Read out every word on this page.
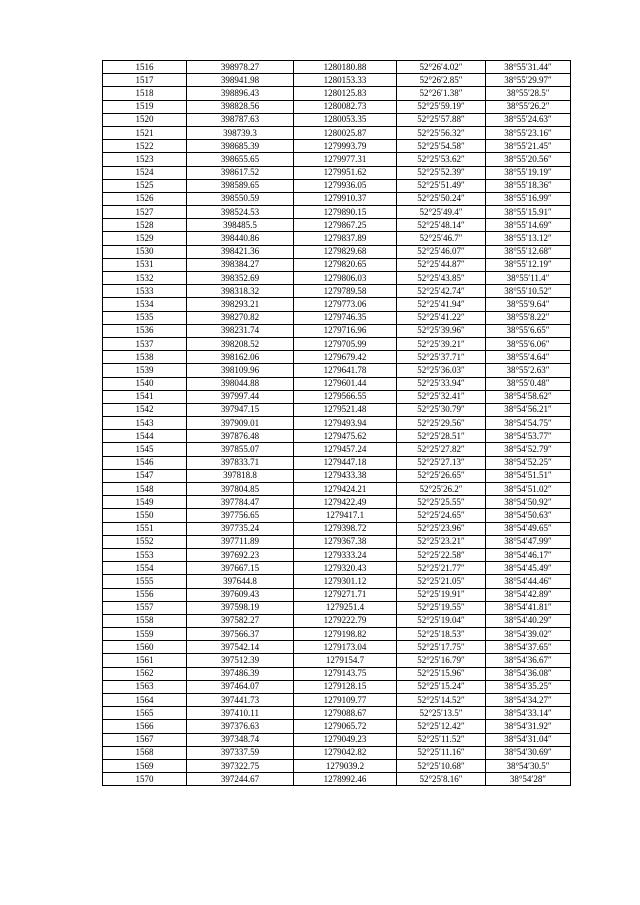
1516	398978.27	1280180.88	52°26′4.02″	38°55′31.44″
1517	398941.98	1280153.33	52°26′2.85″	38°55′29.97″
1518	398896.43	1280125.83	52°26′1.38″	38°55′28.5″
1519	398828.56	1280082.73	52°25′59.19″	38°55′26.2″
1520	398787.63	1280053.35	52°25′57.88″	38°55′24.63″
1521	398739.3	1280025.87	52°25′56.32″	38°55′23.16″
1522	398685.39	1279993.79	52°25′54.58″	38°55′21.45″
1523	398655.65	1279977.31	52°25′53.62″	38°55′20.56″
1524	398617.52	1279951.62	52°25′52.39″	38°55′19.19″
1525	398589.65	1279936.05	52°25′51.49″	38°55′18.36″
1526	398550.59	1279910.37	52°25′50.24″	38°55′16.99″
1527	398524.53	1279890.15	52°25′49.4″	38°55′15.91″
1528	398485.5	1279867.25	52°25′48.14″	38°55′14.69″
1529	398440.86	1279837.89	52°25′46.7″	38°55′13.12″
1530	398421.36	1279829.68	52°25′46.07″	38°55′12.68″
1531	398384.27	1279820.65	52°25′44.87″	38°55′12.19″
1532	398352.69	1279806.03	52°25′43.85″	38°55′11.4″
1533	398318.32	1279789.58	52°25′42.74″	38°55′10.52″
1534	398293.21	1279773.06	52°25′41.94″	38°55′9.64″
1535	398270.82	1279746.35	52°25′41.22″	38°55′8.22″
1536	398231.74	1279716.96	52°25′39.96″	38°55′6.65″
1537	398208.52	1279705.99	52°25′39.21″	38°55′6.06″
1538	398162.06	1279679.42	52°25′37.71″	38°55′4.64″
1539	398109.96	1279641.78	52°25′36.03″	38°55′2.63″
1540	398044.88	1279601.44	52°25′33.94″	38°55′0.48″
1541	397997.44	1279566.55	52°25′32.41″	38°54′58.62″
1542	397947.15	1279521.48	52°25′30.79″	38°54′56.21″
1543	397909.01	1279493.94	52°25′29.56″	38°54′54.75″
1544	397876.48	1279475.62	52°25′28.51″	38°54′53.77″
1545	397855.07	1279457.24	52°25′27.82″	38°54′52.79″
1546	397833.71	1279447.18	52°25′27.13″	38°54′52.25″
1547	397818.8	1279433.38	52°25′26.65″	38°54′51.51″
1548	397804.85	1279424.21	52°25′26.2″	38°54′51.02″
1549	397784.47	1279422.49	52°25′25.55″	38°54′50.92″
1550	397756.65	1279417.1	52°25′24.65″	38°54′50.63″
1551	397735.24	1279398.72	52°25′23.96″	38°54′49.65″
1552	397711.89	1279367.38	52°25′23.21″	38°54′47.99″
1553	397692.23	1279333.24	52°25′22.58″	38°54′46.17″
1554	397667.15	1279320.43	52°25′21.77″	38°54′45.49″
1555	397644.8	1279301.12	52°25′21.05″	38°54′44.46″
1556	397609.43	1279271.71	52°25′19.91″	38°54′42.89″
1557	397598.19	1279251.4	52°25′19.55″	38°54′41.81″
1558	397582.27	1279222.79	52°25′19.04″	38°54′40.29″
1559	397566.37	1279198.82	52°25′18.53″	38°54′39.02″
1560	397542.14	1279173.04	52°25′17.75″	38°54′37.65″
1561	397512.39	1279154.7	52°25′16.79″	38°54′36.67″
1562	397486.39	1279143.75	52°25′15.96″	38°54′36.08″
1563	397464.07	1279128.15	52°25′15.24″	38°54′35.25″
1564	397441.73	1279109.77	52°25′14.52″	38°54′34.27″
1565	397410.11	1279088.67	52°25′13.5″	38°54′33.14″
1566	397376.63	1279065.72	52°25′12.42″	38°54′31.92″
1567	397348.74	1279049.23	52°25′11.52″	38°54′31.04″
1568	397337.59	1279042.82	52°25′11.16″	38°54′30.69″
1569	397322.75	1279039.2	52°25′10.68″	38°54′30.5″
1570	397244.67	1278992.46	52°25′8.16″	38°54′28″
